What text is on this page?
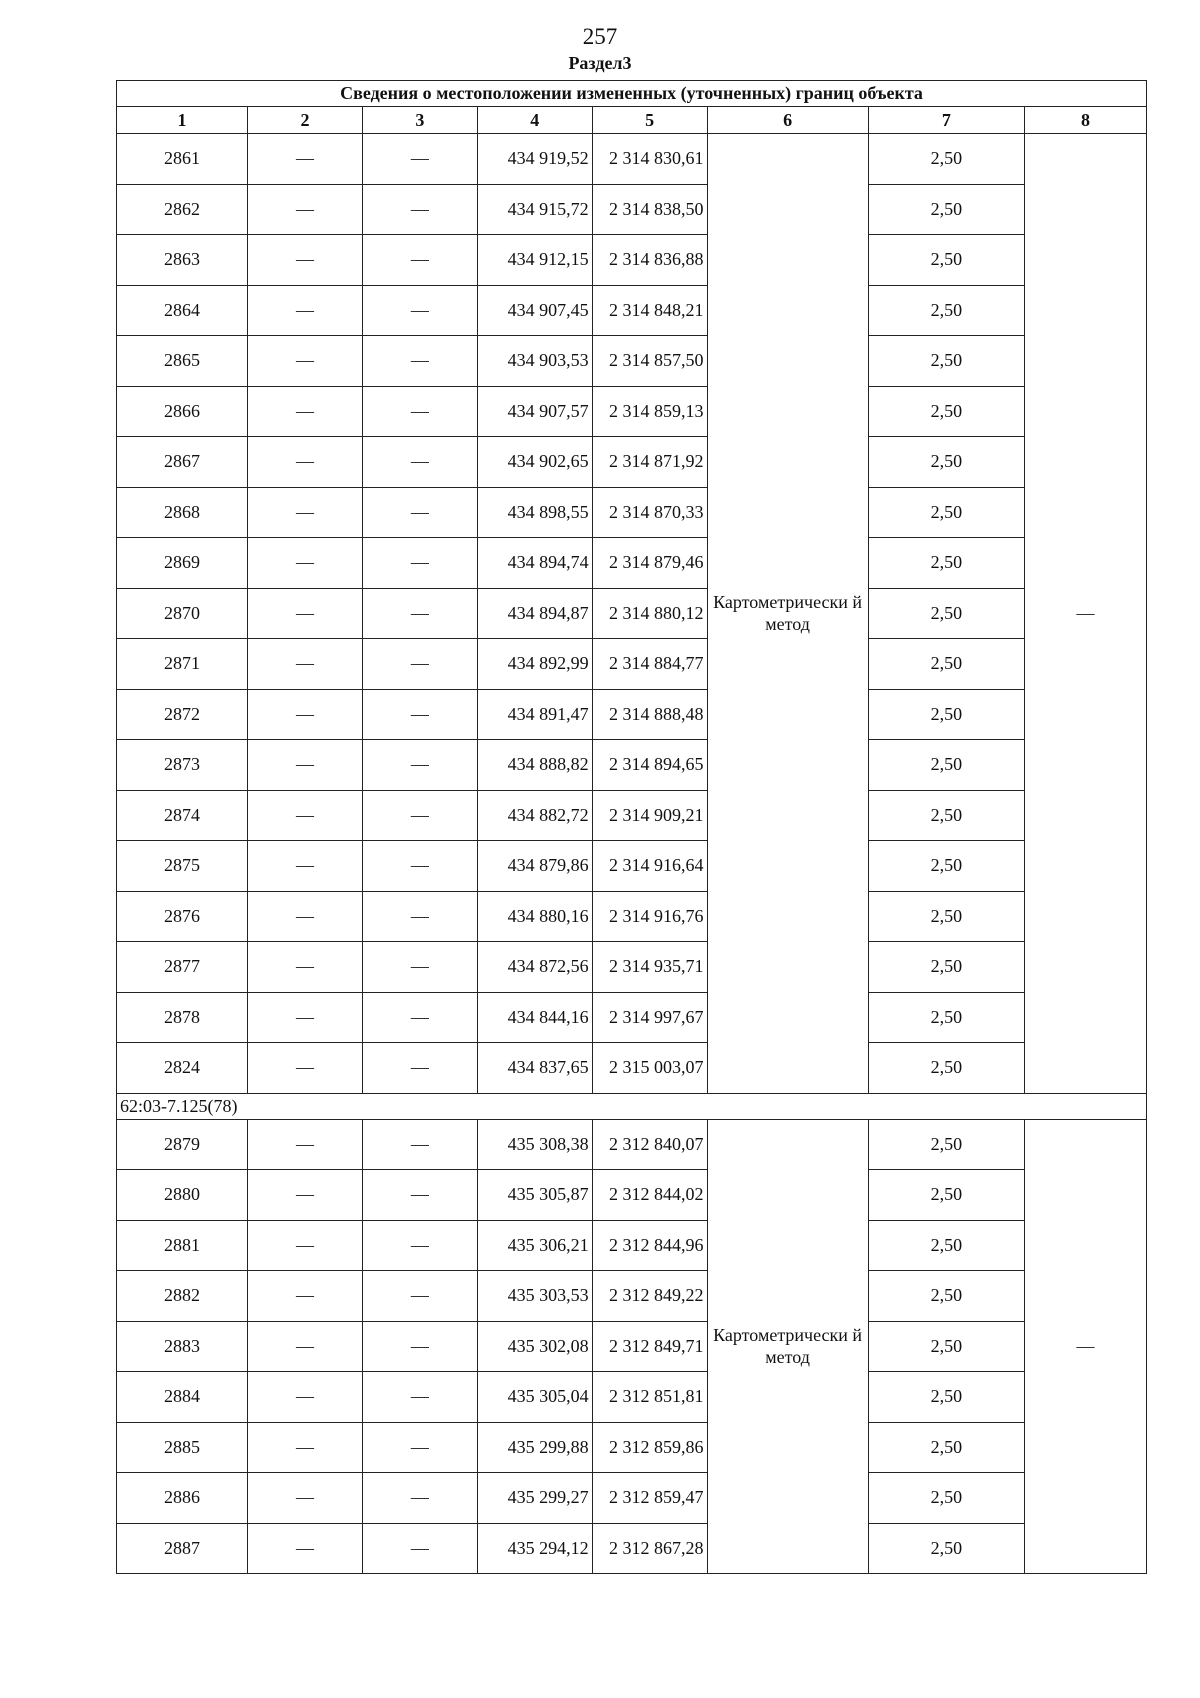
257
Раздел3
Сведения о местоположении измененных (уточненных) границ объекта							
1	2	3	4	5	6	7	8
2861	—	—	434 919,52	2 314 830,61	Картометрически й метод	2,50	—
2862	—	—	434 915,72	2 314 838,50		2,50	
2863	—	—	434 912,15	2 314 836,88		2,50	
2864	—	—	434 907,45	2 314 848,21		2,50	
2865	—	—	434 903,53	2 314 857,50		2,50	
2866	—	—	434 907,57	2 314 859,13		2,50	
2867	—	—	434 902,65	2 314 871,92		2,50	
2868	—	—	434 898,55	2 314 870,33		2,50	
2869	—	—	434 894,74	2 314 879,46		2,50	
2870	—	—	434 894,87	2 314 880,12		2,50	
2871	—	—	434 892,99	2 314 884,77		2,50	
2872	—	—	434 891,47	2 314 888,48		2,50	
2873	—	—	434 888,82	2 314 894,65		2,50	
2874	—	—	434 882,72	2 314 909,21		2,50	
2875	—	—	434 879,86	2 314 916,64		2,50	
2876	—	—	434 880,16	2 314 916,76		2,50	
2877	—	—	434 872,56	2 314 935,71		2,50	
2878	—	—	434 844,16	2 314 997,67		2,50	
2824	—	—	434 837,65	2 315 003,07		2,50	
62:03-7.125(78)							
2879	—	—	435 308,38	2 312 840,07	Картометрически й метод	2,50	—
2880	—	—	435 305,87	2 312 844,02		2,50	
2881	—	—	435 306,21	2 312 844,96		2,50	
2882	—	—	435 303,53	2 312 849,22		2,50	
2883	—	—	435 302,08	2 312 849,71		2,50	
2884	—	—	435 305,04	2 312 851,81		2,50	
2885	—	—	435 299,88	2 312 859,86		2,50	
2886	—	—	435 299,27	2 312 859,47		2,50	
2887	—	—	435 294,12	2 312 867,28		2,50	
